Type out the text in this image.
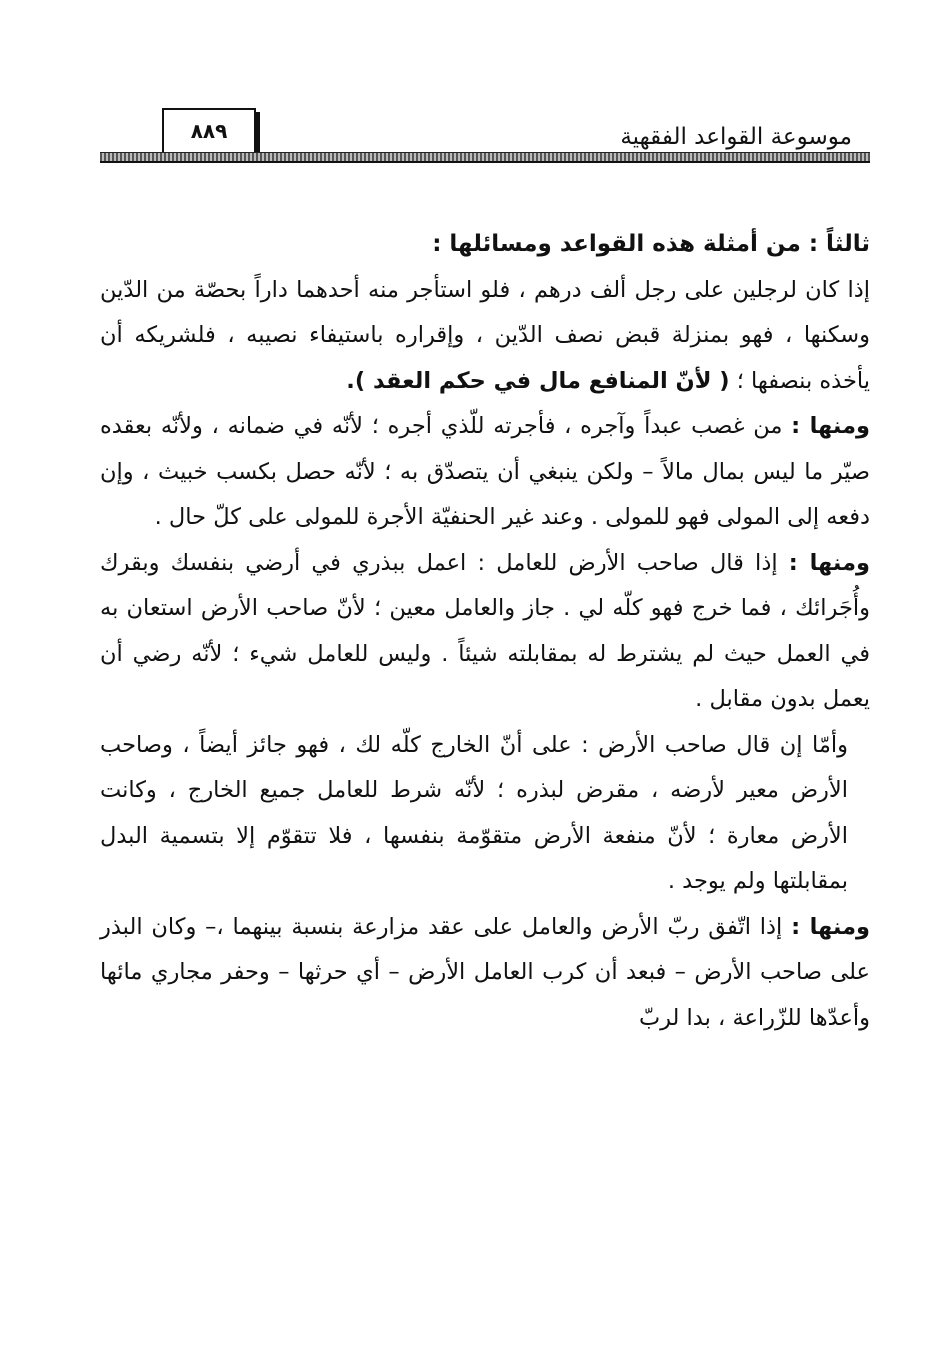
موسوعة القواعد الفقهية
٨٨٩

ثالثاً : من أمثلة هذه القواعد ومسائلها :

إذا كان لرجلين على رجل ألف درهم ، فلو استأجر منه أحدهما داراً بحصّة من الدّين وسكنها ، فهو بمنزلة قبض نصف الدّين ، وإقراره باستيفاء نصيبه ، فلشريكه أن يأخذه بنصفها ؛ ( لأنّ المنافع مال في حكم العقد ).

ومنها : من غصب عبداً وآجره ، فأجرته للّذي أجره ؛ لأنّه في ضمانه ، ولأنّه بعقده صيّر ما ليس بمال مالاً – ولكن ينبغي أن يتصدّق به ؛ لأنّه حصل بكسب خبيث ، وإن دفعه إلى المولى فهو للمولى . وعند غير الحنفيّة الأجرة للمولى على كلّ حال .

ومنها : إذا قال صاحب الأرض للعامل : اعمل ببذري في أرضي بنفسك وبقرك وأُجَرائك ، فما خرج فهو كلّه لي . جاز والعامل معين ؛ لأنّ صاحب الأرض استعان به في العمل حيث لم يشترط له بمقابلته شيئاً . وليس للعامل شيء ؛ لأنّه رضي أن يعمل بدون مقابل .

وأمّا إن قال صاحب الأرض : على أنّ الخارج كلّه لك ، فهو جائز أيضاً ، وصاحب الأرض معير لأرضه ، مقرض لبذره ؛ لأنّه شرط للعامل جميع الخارج ، وكانت الأرض معارة ؛ لأنّ منفعة الأرض متقوّمة بنفسها ، فلا تتقوّم إلا بتسمية البدل بمقابلتها ولم يوجد .

ومنها : إذا اتّفق ربّ الأرض والعامل على عقد مزارعة بنسبة بينهما ،– وكان البذر على صاحب الأرض – فبعد أن كرب العامل الأرض – أي حرثها – وحفر مجاري مائها وأعدّها للزّراعة ، بدا لربّ
